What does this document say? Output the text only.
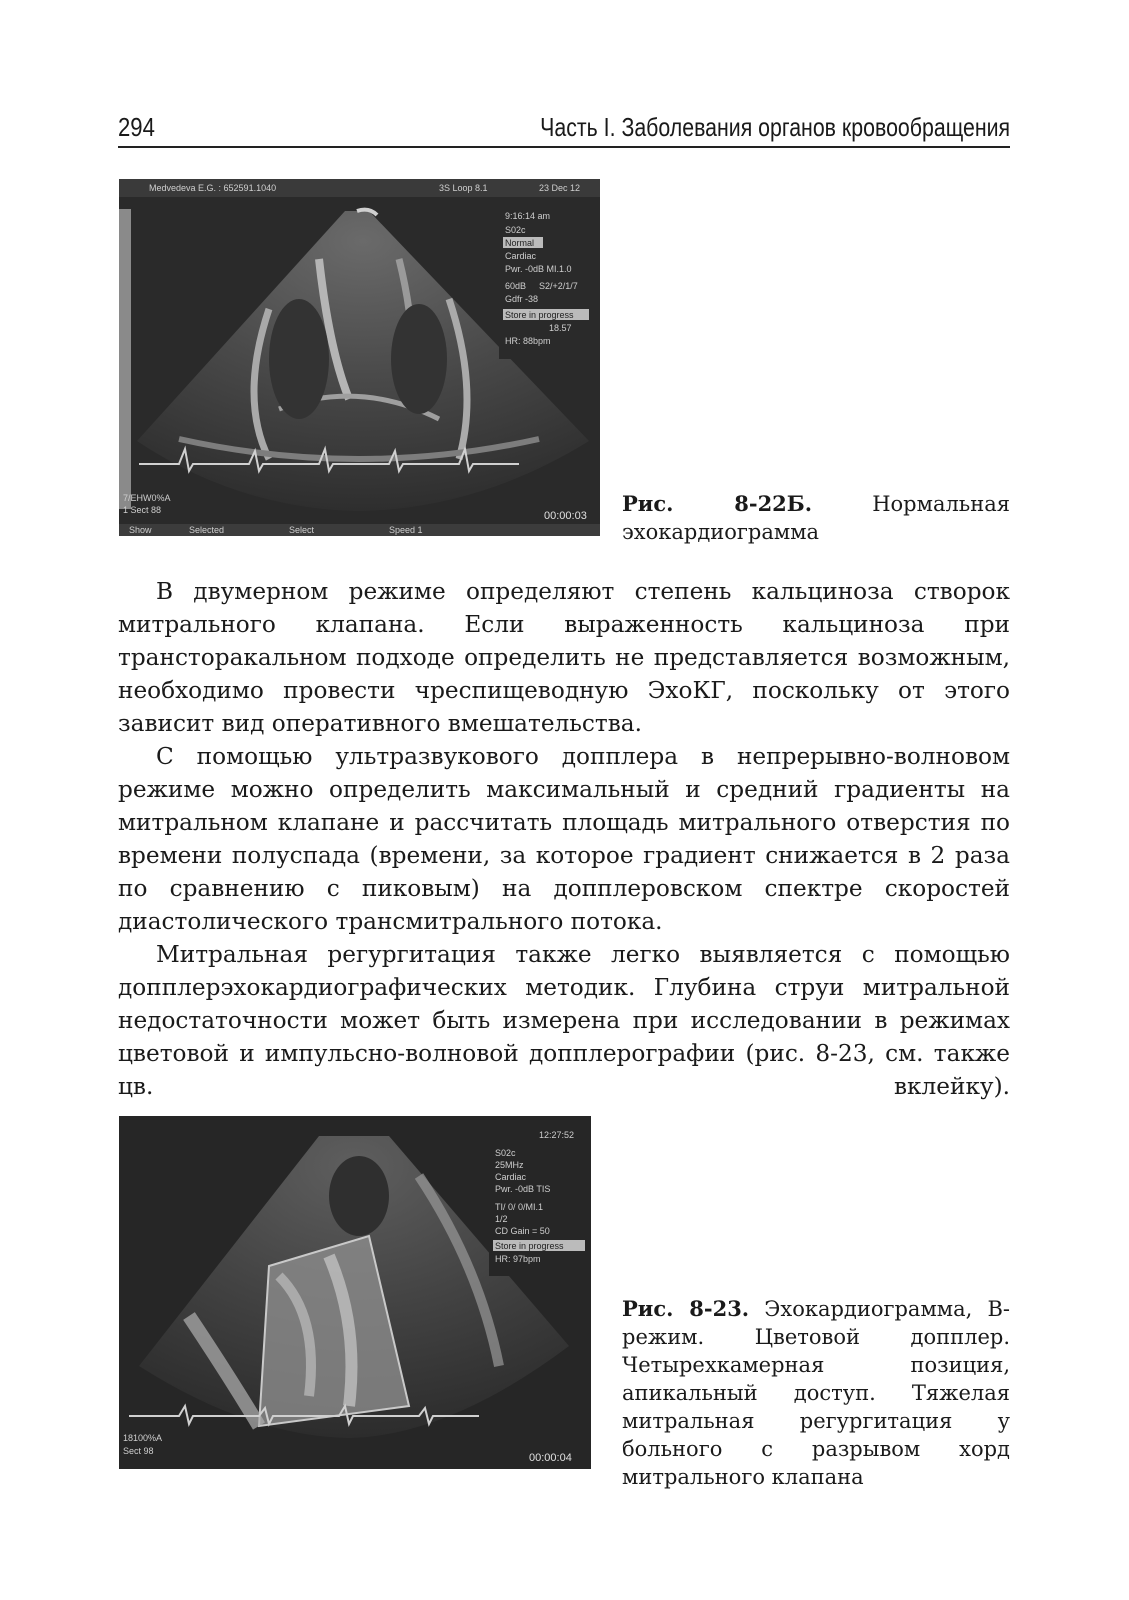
294	Часть I. Заболевания органов кровообращения
Medvedeva E.G. : 652591.1040	3S Loop 8.1	23 Dec 12
9:16:14 am
S02c
Normal
Cardiac
Pwr. -0dB MI.1.0
60dB S2/+2/1/7
Gdfr -38
Store in progress
18.57
HR: 88bpm
7/EHW0%A
1 Sect 88	00:00:03
Show	Selected	Select	Speed 1
Рис. 8-22Б. Нормальная эхокардиограмма

В двумерном режиме определяют степень кальциноза створок митрального клапана. Если выраженность кальциноза при трансторакальном подходе определить не представляется возможным, необходимо провести чреспищеводную ЭхоКГ, поскольку от этого зависит вид оперативного вмешательства.

С помощью ультразвукового допплера в непрерывно-волновом режиме можно определить максимальный и средний градиенты на митральном клапане и рассчитать площадь митрального отверстия по времени полуспада (времени, за которое градиент снижается в 2 раза по сравнению с пиковым) на допплеровском спектре скоростей диастолического трансмитрального потока.

Митральная регургитация также легко выявляется с помощью допплерэхокардиографических методик. Глубина струи митральной недостаточности может быть измерена при исследовании в режимах цветовой и импульсно-волновой допплерографии (рис. 8-23, см. также цв. вклейку).

12:27:52
S02c
25MHz
Cardiac
Pwr. -0dB TIS
TI/ 0/ 0/MI.1
1/2
CD Gain = 50
Store in progress
HR: 97bpm
18100%A
Sect 98
00:00:04
Рис. 8-23. Эхокардиограмма, В-режим. Цветовой допплер. Четырехкамерная позиция, апикальный доступ. Тяжелая митральная регургитация у больного с разрывом хорд митрального клапана
